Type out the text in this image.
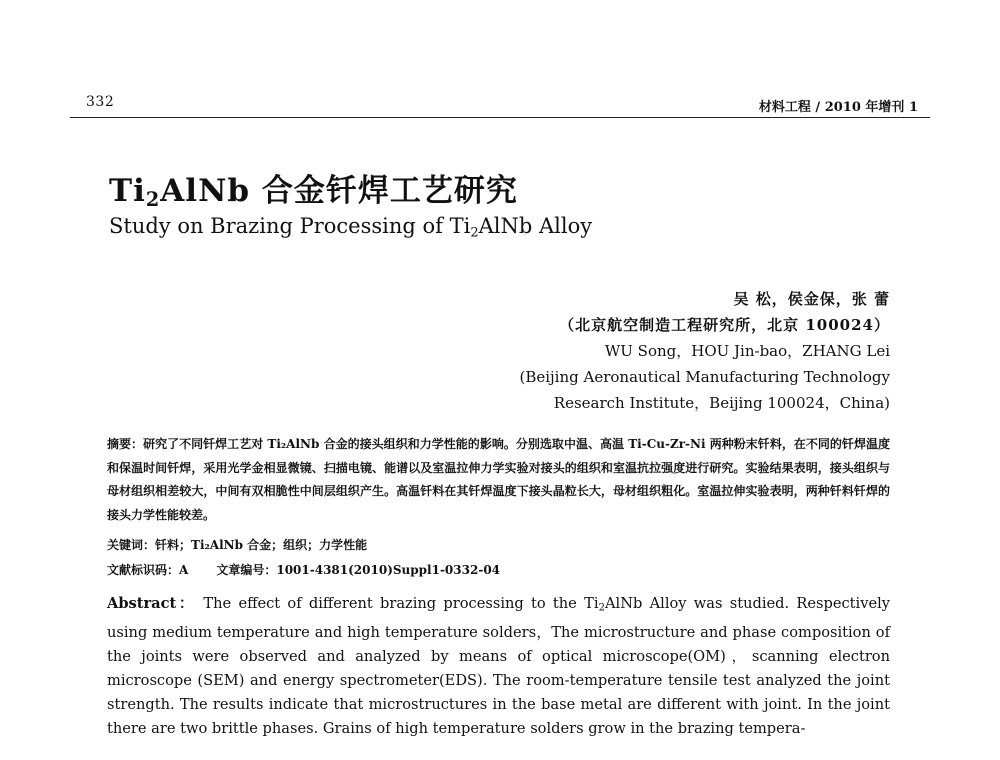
332	材料工程 / 2010 年增刊 1
$Ti_2AlNb$ 合金钎焊工艺研究
Study on Brazing Processing of $Ti_2AlNb$ Alloy
吴 松，侯金保，张 蕾
（北京航空制造工程研究所，北京 100024）
WU Song，HOU Jin-bao，ZHANG Lei
(Beijing Aeronautical Manufacturing Technology
Research Institute，Beijing 100024，China)
摘要：研究了不同钎焊工艺对 Ti₂AlNb 合金的接头组织和力学性能的影响。分别选取中温、高温 Ti-Cu-Zr-Ni 两种粉末钎料，在不同的钎焊温度和保温时间钎焊，采用光学金相显微镜、扫描电镜、能谱以及室温拉伸力学实验对接头的组织和室温抗拉强度进行研究。实验结果表明，接头组织与母材组织相差较大，中间有双相脆性中间层组织产生。高温钎料在其钎焊温度下接头晶粒长大，母材组织粗化。室温拉伸实验表明，两种钎料钎焊的接头力学性能较差。
关键词：钎料；Ti₂AlNb 合金；组织；力学性能
文献标识码：A 文章编号：1001-4381(2010)Suppl1-0332-04
Abstract： The effect of different brazing processing to the $Ti_2AlNb$ Alloy was studied. Respectively using medium temperature and high temperature solders，The microstructure and phase composition of the joints were observed and analyzed by means of optical microscope(OM)，scanning electron microscope (SEM) and energy spectrometer(EDS). The room-temperature tensile test analyzed the joint strength. The results indicate that microstructures in the base metal are different with joint. In the joint there are two brittle phases. Grains of high temperature solders grow in the brazing tempera-
